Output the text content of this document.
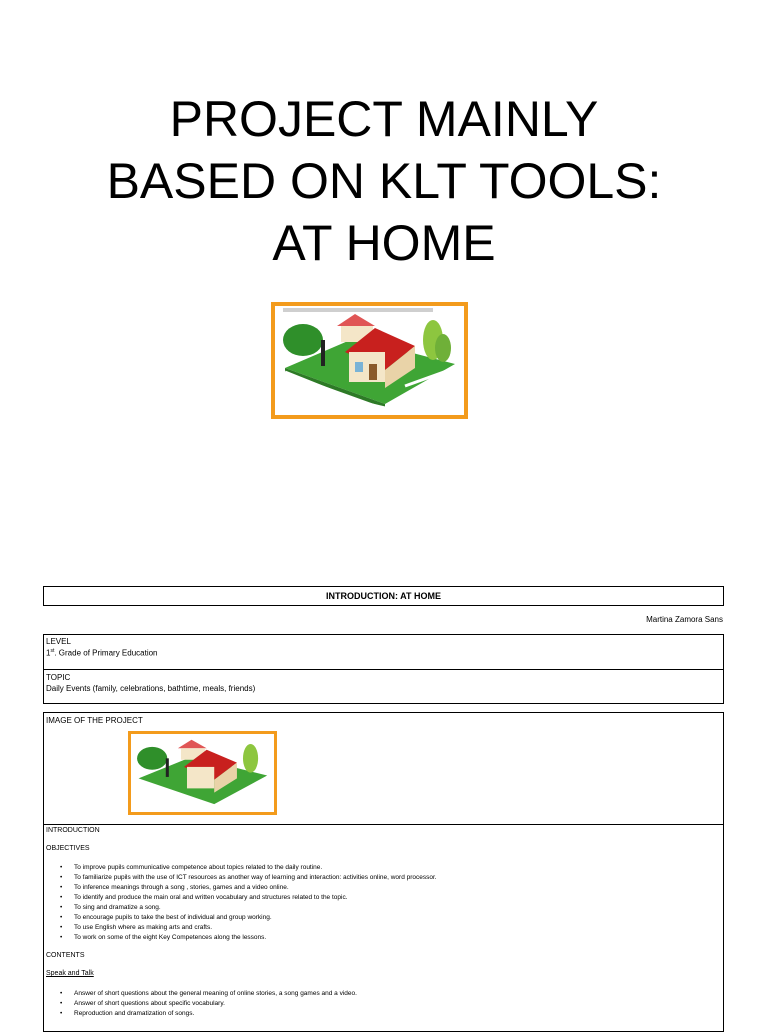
PROJECT MAINLY
BASED ON KLT TOOLS:
AT HOME
INTRODUCTION: AT HOME
Martina Zamora Sans
LEVEL
1st. Grade of Primary Education
TOPIC
Daily Events (family, celebrations, bathtime, meals, friends)
IMAGE OF THE PROJECT
INTRODUCTION
OBJECTIVES
• To improve pupils communicative competence about topics related to the daily routine.
• To familiarize pupils with the use of ICT resources as another way of learning and interaction: activities online, word processor.
• To inference meanings through a song , stories, games and a video online.
• To identify and produce the main oral and written vocabulary and structures related to the topic.
• To sing and dramatize a song.
• To encourage pupils to take the best of individual and group working.
• To use English where as making arts and crafts.
• To work on some of the eight Key Competences along the lessons.
CONTENTS
Speak and Talk
• Answer of short questions about the general meaning of online stories, a song games and a video.
• Answer of short questions about specific vocabulary.
• Reproduction and dramatization of songs.
